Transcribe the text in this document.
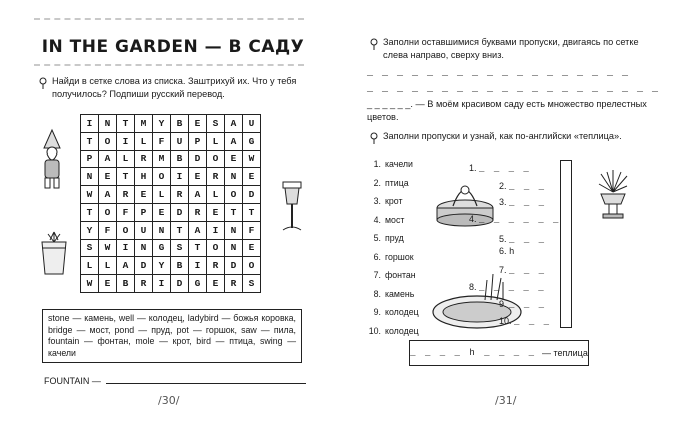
IN THE GARDEN — В САДУ
Найди в сетке слова из списка. Заштрихуй их. Что у тебя получилось? Подпиши русский перевод.
I	N	T	M	Y	B	E	S	A	U
T	O	I	L	F	U	P	L	A	G
P	A	L	R	M	B	D	O	E	W
N	E	T	H	O	I	E	R	N	E
W	A	R	E	L	R	A	L	O	D
T	O	F	P	E	D	R	E	T	T
Y	F	O	U	N	T	A	I	N	F
S	W	I	N	G	S	T	O	N	E
L	L	A	D	Y	B	I	R	D	O
W	E	B	R	I	D	G	E	R	S
stone — камень, well — колодец, ladybird — божья коровка, bridge — мост, pond — пруд, pot — горшок, saw — пила, fountain — фонтан, mole — крот, bird — птица, swing — качели
FOUNTAIN —
/30/
Заполни оставшимися буквами пропуски, двигаясь по сетке слева направо, сверху вниз.
_ _ _ _ _ _ _ _ _ _ _ _ _ _ _ _ _ _
_ _ _ _ _ _ _ _ _ _ _ _ _ _ _ _ _ _ _ _
_ _ _ _ _ _. — В моём красивом саду есть множество прелестных цветов.
Заполни пропуски и узнай, как по-английски «теплица».
1. качели
2. птица
3. крот
4. мост
5. пруд
6. горшок
7. фонтан
8. камень
9. колодец
10. колодец
1. _ _ _ _
2. _ _ _
3. _ _ _
4. _ _ _ _ _ _
5. _ _ _
6. h
7. _ _ _
8. _ _ _ _ _
9. _ _ _
10. _ _ _
_ _ _ _ h _ _ _ _ — теплица
/31/
